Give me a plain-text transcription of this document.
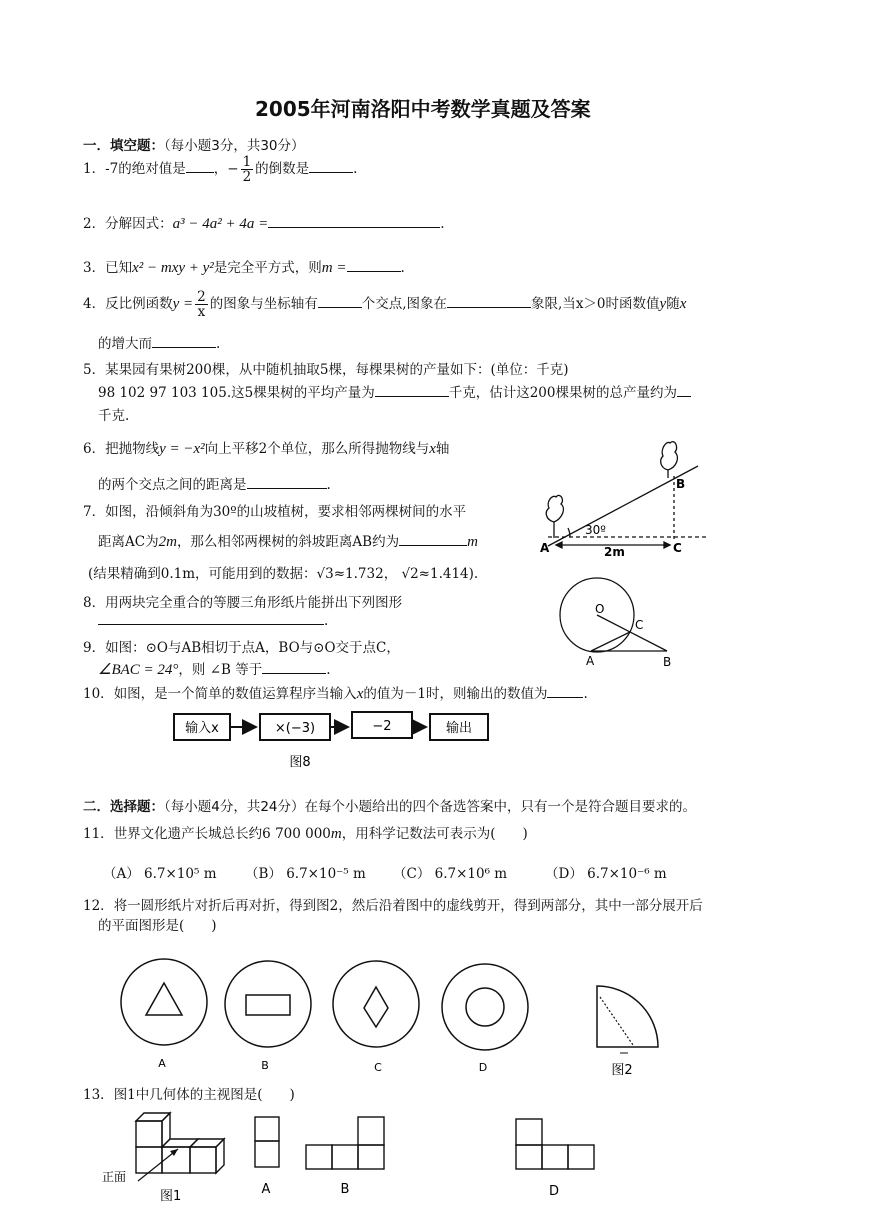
2005年河南洛阳中考数学真题及答案
一．填空题：（每小题3分，共30分）
1．-7的绝对值是 ，− $\frac{1}{2}$ 的倒数是	.
2．分解因式：a³ − 4a² + 4a =	.
3．已知x² − mxy + y²是完全平方式，则m =	.
4．反比例函数$y = \frac{2}{x}$ 的图象与坐标轴有	个交点,图象在	象限,当x＞0时函数值y随x
的增大而	.
5．某果园有果树200棵，从中随机抽取5棵，每棵果树的产量如下：(单位：千克)
98 102 97 103 105.这5棵果树的平均产量为	千克，估计这200棵果树的总产量约为
千克.
6．把抛物线y = −x²向上平移2个单位，那么所得抛物线与x轴
的两个交点之间的距离是	.
7．如图，沿倾斜角为30º的山坡植树，要求相邻两棵树间的水平
距离AC为2m，那么相邻两棵树的斜坡距离AB约为	m
(结果精确到0.1m，可能用到的数据：√3≈1.732， √2≈1.414).
8．用两块完全重合的等腰三角形纸片能拼出下列图形
.
9．如图：⊙O与AB相切于点A，BO与⊙O交于点C，
∠BAC = 24°，则 ∠B 等于	.
10．如图，是一个简单的数值运算程序当输入x的值为－1时，则输出的数值为	.
输入x	×(−3)	−2	输出
图8
二．选择题：（每小题4分，共24分）在每个小题给出的四个备选答案中，只有一个是符合题目要求的。
11．世界文化遗产长城总长约6 700 000m，用科学记数法可表示为(　　)
（A） 6.7×10⁵ m （B） 6.7×10⁻⁵ m （C） 6.7×10⁶ m	（D） 6.7×10⁻⁶ m
12．将一圆形纸片对折后再对折，得到图2，然后沿着图中的虚线剪开，得到两部分，其中一部分展开后
的平面图形是(　　)
A	B	C	D	图2
13．图1中几何体的主视图是(　　)
正面
图1	A	B	D
A
B
C
30º
2m
O
C
A	B
